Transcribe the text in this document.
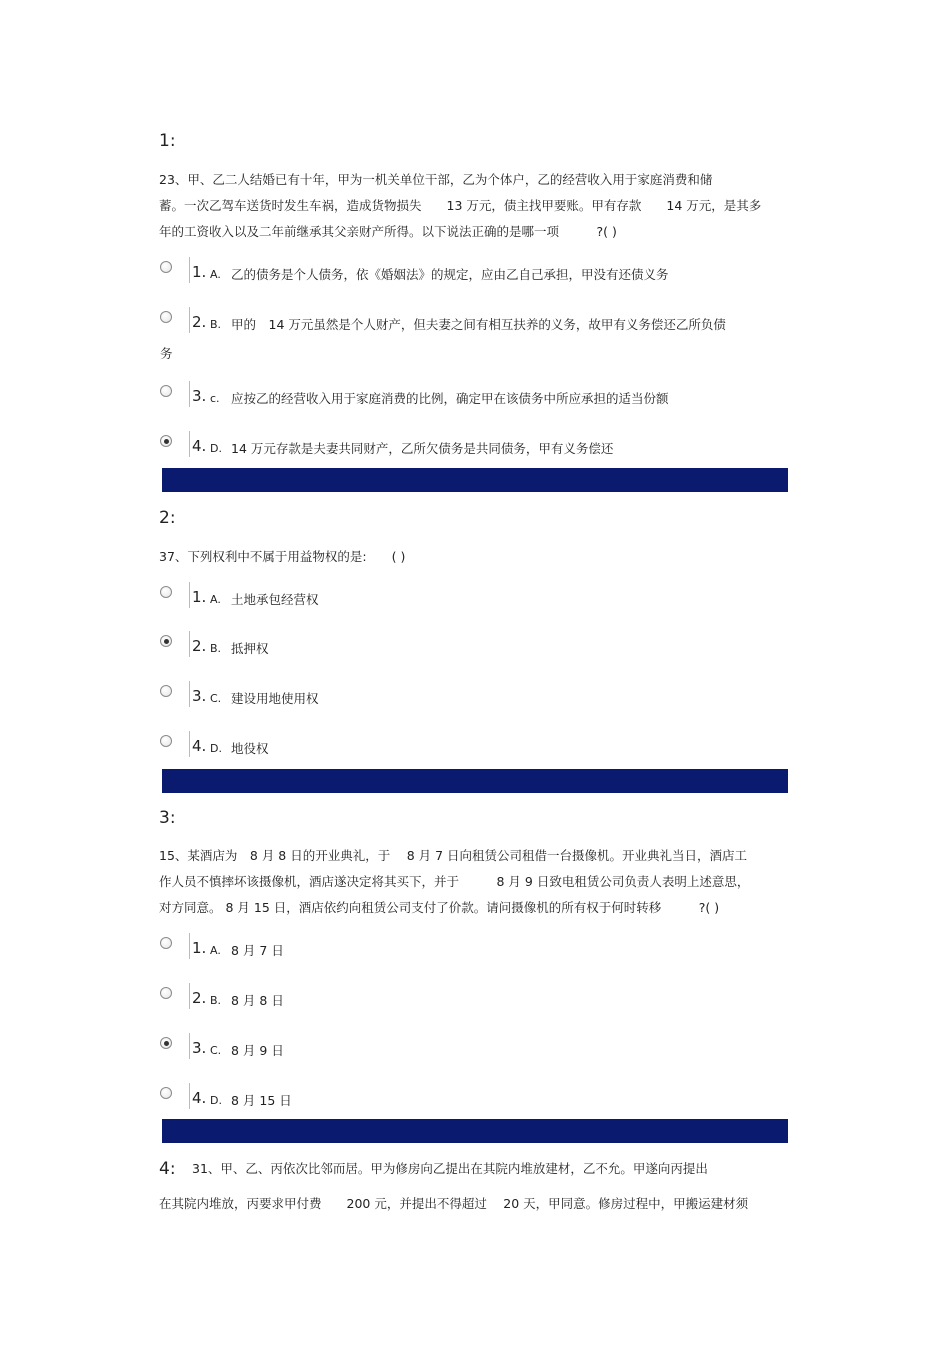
1:
23、甲、乙二人结婚已有十年，甲为一机关单位干部，乙为个体户，乙的经营收入用于家庭消费和储
蓄。一次乙驾车送货时发生车祸，造成货物损失　　13 万元，债主找甲要账。甲有存款　　14 万元，是其多
年的工资收入以及二年前继承其父亲财产所得。以下说法正确的是哪一项　　　?( )
1. A. 乙的债务是个人债务，依《婚姻法》的规定，应由乙自己承担，甲没有还债义务
2. B. 甲的　14 万元虽然是个人财产，但夫妻之间有相互扶养的义务，故甲有义务偿还乙所负债
务
3. c. 应按乙的经营收入用于家庭消费的比例，确定甲在该债务中所应承担的适当份额
4. D. 14 万元存款是夫妻共同财产，乙所欠债务是共同债务，甲有义务偿还
2:
37、下列权利中不属于用益物权的是:　　( )
1. A. 土地承包经营权
2. B. 抵押权
3. C. 建设用地使用权
4. D. 地役权
3:
15、某酒店为　8 月 8 日的开业典礼，于　 8 月 7 日向租赁公司租借一台摄像机。开业典礼当日，酒店工
作人员不慎摔坏该摄像机，酒店遂决定将其买下，并于　　　8 月 9 日致电租赁公司负责人表明上述意思，
对方同意。 8 月 15 日，酒店依约向租赁公司支付了价款。请问摄像机的所有权于何时转移　　　?( )
1. A. 8 月 7 日
2. B. 8 月 8 日
3. C. 8 月 9 日
4. D. 8 月 15 日
4: 31、甲、乙、丙依次比邻而居。甲为修房向乙提出在其院内堆放建材，乙不允。甲遂向丙提出
在其院内堆放，丙要求甲付费　　200 元，并提出不得超过　 20 天，甲同意。修房过程中，甲搬运建材须
